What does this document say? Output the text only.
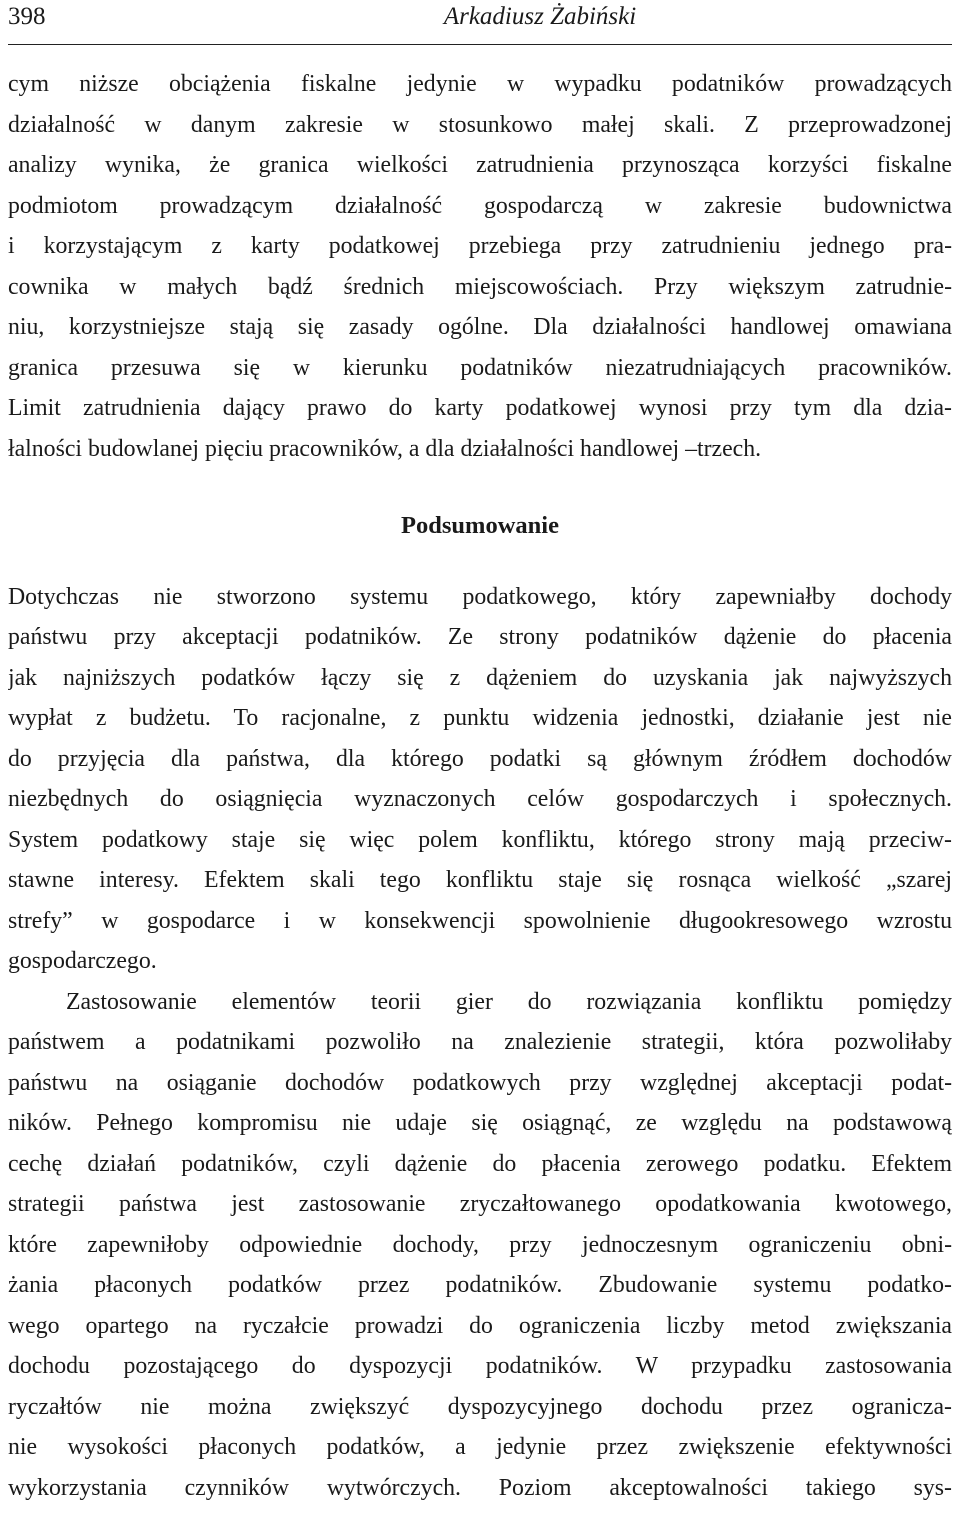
398	Arkadiusz Żabiński
cym niższe obciążenia fiskalne jedynie w wypadku podatników prowadzących
działalność w danym zakresie w stosunkowo małej skali. Z przeprowadzonej
analizy wynika, że granica wielkości zatrudnienia przynosząca korzyści fiskalne
podmiotom prowadzącym działalność gospodarczą w zakresie budownictwa
i korzystającym z karty podatkowej przebiega przy zatrudnieniu jednego pra-
cownika w małych bądź średnich miejscowościach. Przy większym zatrudnie-
niu, korzystniejsze stają się zasady ogólne. Dla działalności handlowej omawiana
granica przesuwa się w kierunku podatników niezatrudniających pracowników.
Limit zatrudnienia dający prawo do karty podatkowej wynosi przy tym dla dzia-
łalności budowlanej pięciu pracowników, a dla działalności handlowej –trzech.
Podsumowanie
Dotychczas nie stworzono systemu podatkowego, który zapewniałby dochody
państwu przy akceptacji podatników. Ze strony podatników dążenie do płacenia
jak najniższych podatków łączy się z dążeniem do uzyskania jak najwyższych
wypłat z budżetu. To racjonalne, z punktu widzenia jednostki, działanie jest nie
do przyjęcia dla państwa, dla którego podatki są głównym źródłem dochodów
niezbędnych do osiągnięcia wyznaczonych celów gospodarczych i społecznych.
System podatkowy staje się więc polem konfliktu, którego strony mają przeciw-
stawne interesy. Efektem skali tego konfliktu staje się rosnąca wielkość „szarej
strefy” w gospodarce i w konsekwencji spowolnienie długookresowego wzrostu
gospodarczego.
Zastosowanie elementów teorii gier do rozwiązania konfliktu pomiędzy
państwem a podatnikami pozwoliło na znalezienie strategii, która pozwoliłaby
państwu na osiąganie dochodów podatkowych przy względnej akceptacji podat-
ników. Pełnego kompromisu nie udaje się osiągnąć, ze względu na podstawową
cechę działań podatników, czyli dążenie do płacenia zerowego podatku. Efektem
strategii państwa jest zastosowanie zryczałtowanego opodatkowania kwotowego,
które zapewniłoby odpowiednie dochody, przy jednoczesnym ograniczeniu obni-
żania płaconych podatków przez podatników. Zbudowanie systemu podatko-
wego opartego na ryczałcie prowadzi do ograniczenia liczby metod zwiększania
dochodu pozostającego do dyspozycji podatników. W przypadku zastosowania
ryczałtów nie można zwiększyć dyspozycyjnego dochodu przez ogranicza-
nie wysokości płaconych podatków, a jedynie przez zwiększenie efektywności
wykorzystania czynników wytwórczych. Poziom akceptowalności takiego sys-
